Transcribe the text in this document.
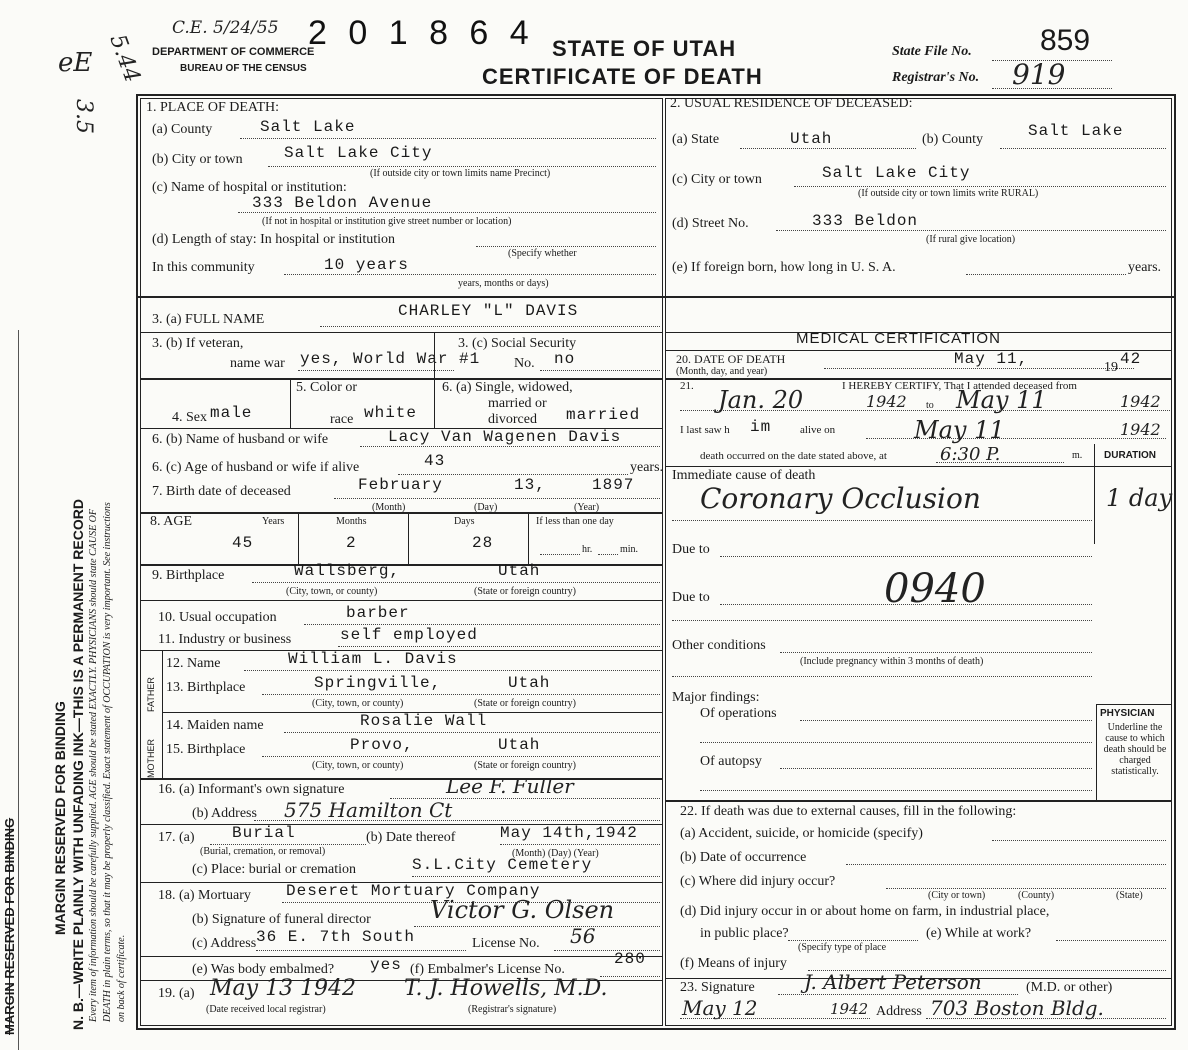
eE 5.44
3.5
C.E. 5/24/55 2 0 1 8 6 4
DEPARTMENT OF COMMERCE
BUREAU OF THE CENSUS
STATE OF UTAH
CERTIFICATE OF DEATH
State File No. 859
Registrar's No. 919
MARGIN RESERVED FOR BINDING	MARGIN RESERVED FOR BINDING N. B.—WRITE PLAINLY WITH UNFADING INK—THIS IS A PERMANENT RECORD Every item of information should be carefully supplied. AGE should be stated EXACTLY. PHYSICIANS should state CAUSE OF DEATH in plain terms, so that it may be properly classified. Exact statement of OCCUPATION is very important. See instructions on back of certificate.
1. PLACE OF DEATH:
(a) County	Salt Lake
(b) City or town	Salt Lake City
(If outside city or town limits name Precinct)
(c) Name of hospital or institution:
333 Beldon Avenue
(If not in hospital or institution give street number or location)
(d) Length of stay: In hospital or institution
(Specify whether
In this community	10 years
years, months or days)
2. USUAL RESIDENCE OF DECEASED:
(a) State	Utah	(b) County	Salt Lake
(c) City or town	Salt Lake City
(If outside city or town limits write RURAL)
(d) Street No.	333 Beldon
(If rural give location)
(e) If foreign born, how long in U. S. A.	years.
3. (a) FULL NAME	CHARLEY "L" DAVIS
3. (b) If veteran,
name war yes, World War #1
3. (c) Social Security
No. no
4. Sex male
5. Color or
race white
6. (a) Single, widowed,
married or
divorced married
6. (b) Name of husband or wife	Lacy Van Wagenen Davis
6. (c) Age of husband or wife if alive	43	years.
7. Birth date of deceased	February	13,	1897
(Month)	(Day)	(Year)
8. AGE	Years	Months	Days	If less than one day
45	2	28	hr.	min.
9. Birthplace	Wallsberg,	Utah
(City, town, or county)	(State or foreign country)
10. Usual occupation	barber
11. Industry or business	self employed
FATHER
MOTHER
12. Name	William L. Davis
13. Birthplace	Springville,	Utah
(City, town, or county)	(State or foreign country)
14. Maiden name	Rosalie Wall
15. Birthplace	Provo,	Utah
(City, town, or county)	(State or foreign country)
16. (a) Informant's own signature	Lee F. Fuller
(b) Address 575 Hamilton Ct
17. (a) Burial
(Burial, cremation, or removal)
(b) Date thereof	May 14th,1942
(Month) (Day) (Year)
(c) Place: burial or cremation	S.L.City Cemetery
18. (a) Mortuary Deseret Mortuary Company
(b) Signature of funeral director Victor G. Olsen
(c) Address 36 E. 7th South	License No. 56
(e) Was body embalmed? yes (f) Embalmer's License No.
280
19. (a) May 13 1942
(Date received local registrar)
T. J. Howells, M.D.
(Registrar's signature)
MEDICAL CERTIFICATION
20. DATE OF DEATH
(Month, day, and year)
May 11,	19 42
21.	I HEREBY CERTIFY, That I attended deceased from
Jan. 20	1942 to May 11	1942
I last saw h im	alive on	May 11	1942
death occurred on the date stated above, at	6:30 P.	m. DURATION
Immediate cause of death
Coronary Occlusion	1 day
Due to
Due to	0940
Other conditions
(Include pregnancy within 3 months of death)
Major findings:
Of operations
Of autopsy
PHYSICIAN
Underline the cause to which death should be charged statistically.
22. If death was due to external causes, fill in the following:
(a) Accident, suicide, or homicide (specify)
(b) Date of occurrence
(c) Where did injury occur?
(City or town)	(County)	(State)
(d) Did injury occur in or about home on farm, in industrial place,
in public place?
(Specify type of place
(e) While at work?
(f) Means of injury
23. Signature J. Albert Peterson	(M.D. or other)
May 12	1942 Address 703 Boston Bldg.
